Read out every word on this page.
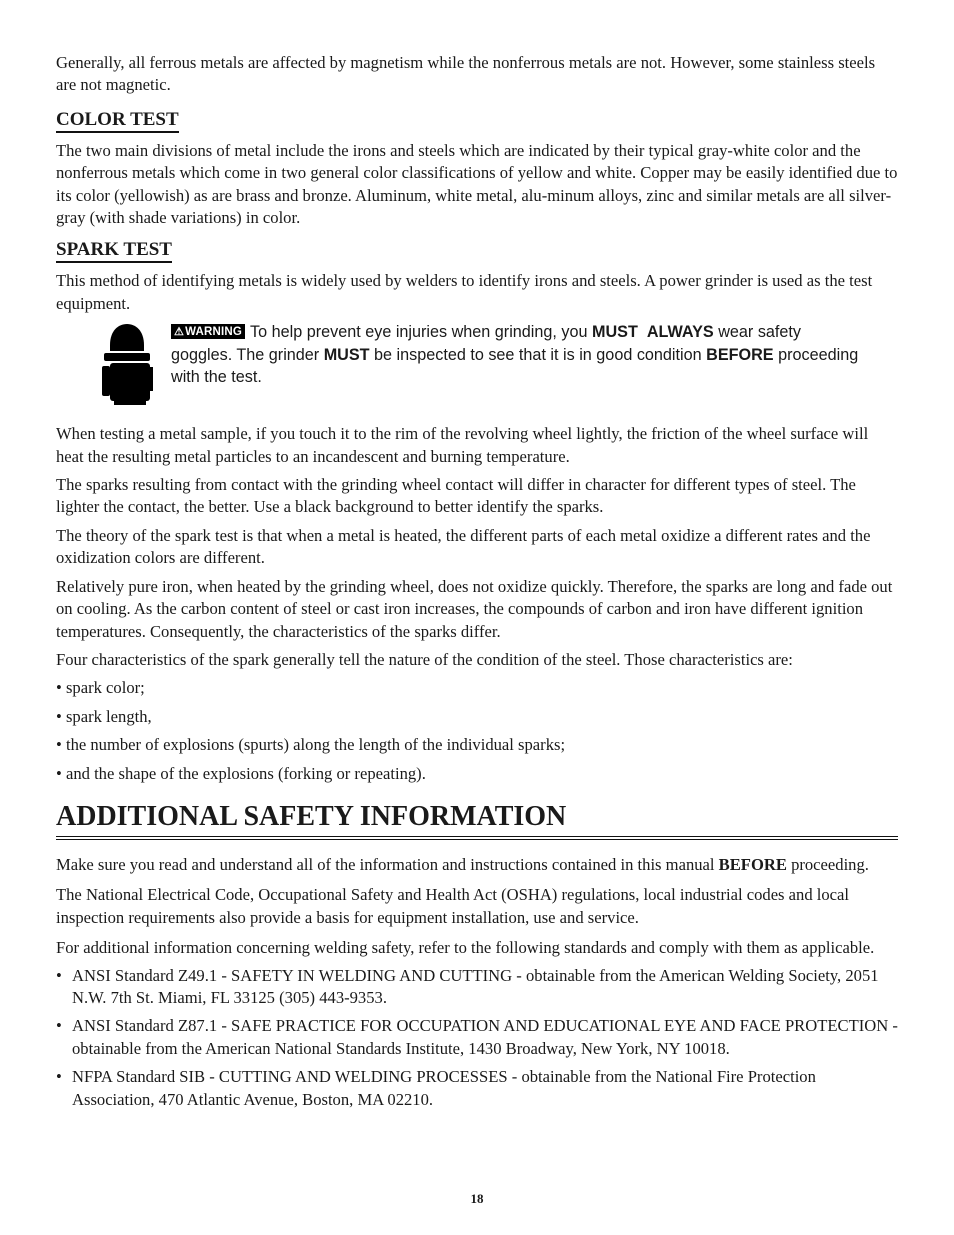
Generally, all ferrous metals are affected by magnetism while the nonferrous metals are not. However, some stainless steels are not magnetic.

COLOR TEST

The two main divisions of metal include the irons and steels which are indicated by their typical gray-white color and the nonferrous metals which come in two general color classifications of yellow and white. Copper may be easily identified due to its color (yellowish) as are brass and bronze. Aluminum, white metal, alu-minum alloys, zinc and similar metals are all silver-gray (with shade variations) in color.

SPARK TEST

This method of identifying metals is widely used by welders to identify irons and steels. A power grinder is used as the test equipment.

⚠WARNING To help prevent eye injuries when grinding, you MUST ALWAYS wear safety goggles. The grinder MUST be inspected to see that it is in good condition BEFORE proceeding with the test.

When testing a metal sample, if you touch it to the rim of the revolving wheel lightly, the friction of the wheel surface will heat the resulting metal particles to an incandescent and burning temperature.

The sparks resulting from contact with the grinding wheel contact will differ in character for different types of steel. The lighter the contact, the better. Use a black background to better identify the sparks.

The theory of the spark test is that when a metal is heated, the different parts of each metal oxidize a different rates and the oxidization colors are different.

Relatively pure iron, when heated by the grinding wheel, does not oxidize quickly. Therefore, the sparks are long and fade out on cooling. As the carbon content of steel or cast iron increases, the compounds of carbon and iron have different ignition temperatures. Consequently, the characteristics of the sparks differ.

Four characteristics of the spark generally tell the nature of the condition of the steel. Those characteristics are:

• spark color;

• spark length,

• the number of explosions (spurts) along the length of the individual sparks;

• and the shape of the explosions (forking or repeating).

ADDITIONAL SAFETY INFORMATION

Make sure you read and understand all of the information and instructions contained in this manual BEFORE proceeding.

The National Electrical Code, Occupational Safety and Health Act (OSHA) regulations, local industrial codes and local inspection requirements also provide a basis for equipment installation, use and service.

For additional information concerning welding safety, refer to the following standards and comply with them as applicable.

• ANSI Standard Z49.1 - SAFETY IN WELDING AND CUTTING - obtainable from the American Welding Society, 2051 N.W. 7th St. Miami, FL 33125 (305) 443-9353.
• ANSI Standard Z87.1 - SAFE PRACTICE FOR OCCUPATION AND EDUCATIONAL EYE AND FACE PROTECTION - obtainable from the American National Standards Institute, 1430 Broadway, New York, NY 10018.
• NFPA Standard SIB - CUTTING AND WELDING PROCESSES - obtainable from the National Fire Protection Association, 470 Atlantic Avenue, Boston, MA 02210.
18
